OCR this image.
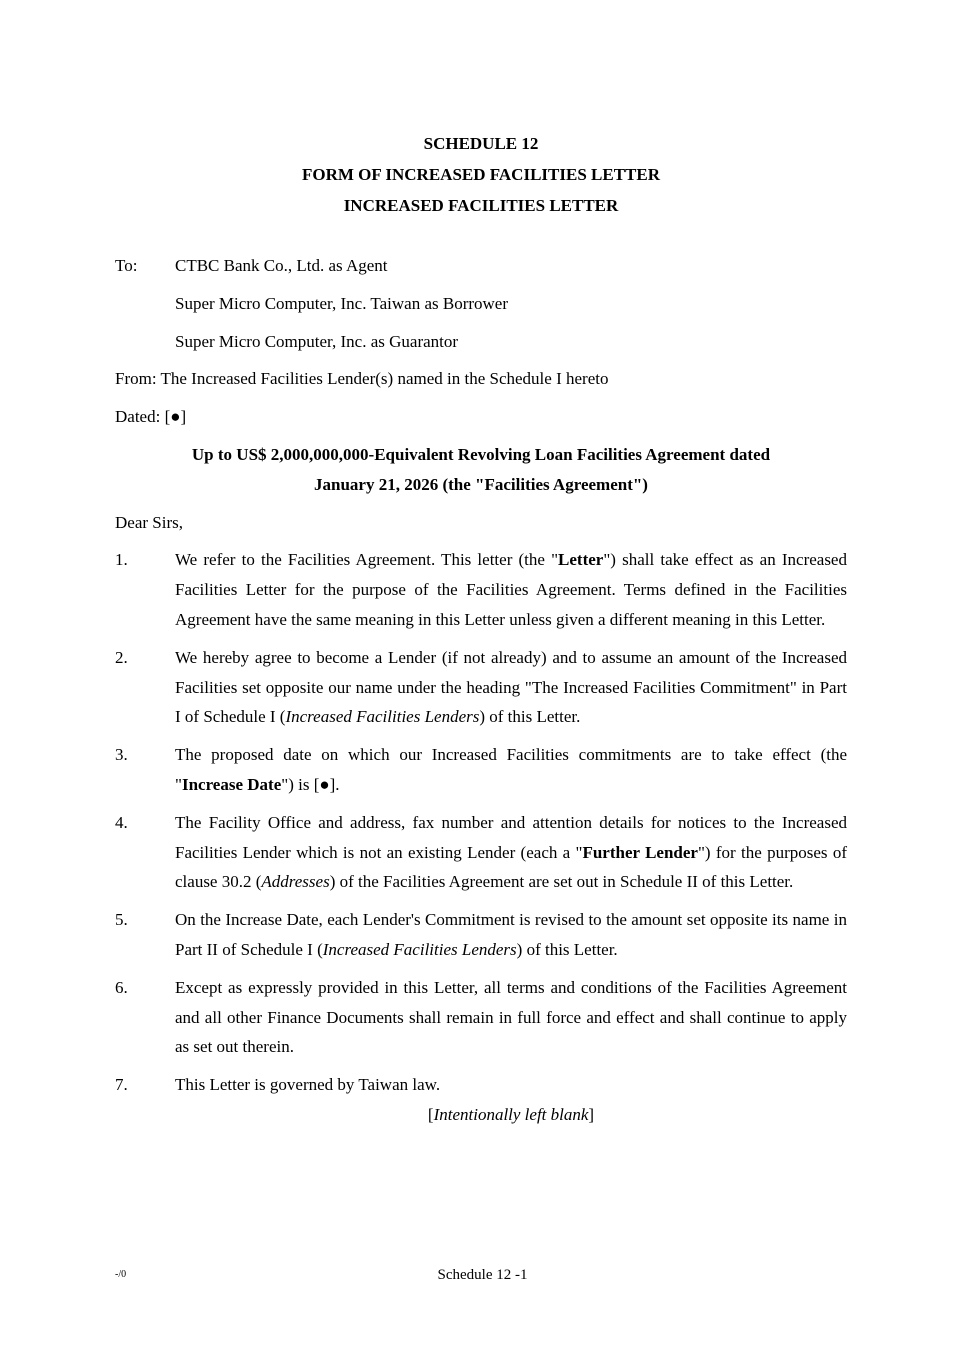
SCHEDULE 12
FORM OF INCREASED FACILITIES LETTER
INCREASED FACILITIES LETTER
To:	CTBC Bank Co., Ltd. as Agent
Super Micro Computer, Inc. Taiwan as Borrower
Super Micro Computer, Inc. as Guarantor
From: The Increased Facilities Lender(s) named in the Schedule I hereto
Dated: [●]
Up to US$ 2,000,000,000-Equivalent Revolving Loan Facilities Agreement dated
January 21, 2026 (the "Facilities Agreement")
Dear Sirs,
1.	We refer to the Facilities Agreement. This letter (the "Letter") shall take effect as an Increased Facilities Letter for the purpose of the Facilities Agreement. Terms defined in the Facilities Agreement have the same meaning in this Letter unless given a different meaning in this Letter.
2.	We hereby agree to become a Lender (if not already) and to assume an amount of the Increased Facilities set opposite our name under the heading "The Increased Facilities Commitment" in Part I of Schedule I (Increased Facilities Lenders) of this Letter.
3.	The proposed date on which our Increased Facilities commitments are to take effect (the "Increase Date") is [●].
4.	The Facility Office and address, fax number and attention details for notices to the Increased Facilities Lender which is not an existing Lender (each a "Further Lender") for the purposes of clause 30.2 (Addresses) of the Facilities Agreement are set out in Schedule II of this Letter.
5.	On the Increase Date, each Lender's Commitment is revised to the amount set opposite its name in Part II of Schedule I (Increased Facilities Lenders) of this Letter.
6.	Except as expressly provided in this Letter, all terms and conditions of the Facilities Agreement and all other Finance Documents shall remain in full force and effect and shall continue to apply as set out therein.
7.	This Letter is governed by Taiwan law.
[Intentionally left blank]
-/0	Schedule 12 -1
